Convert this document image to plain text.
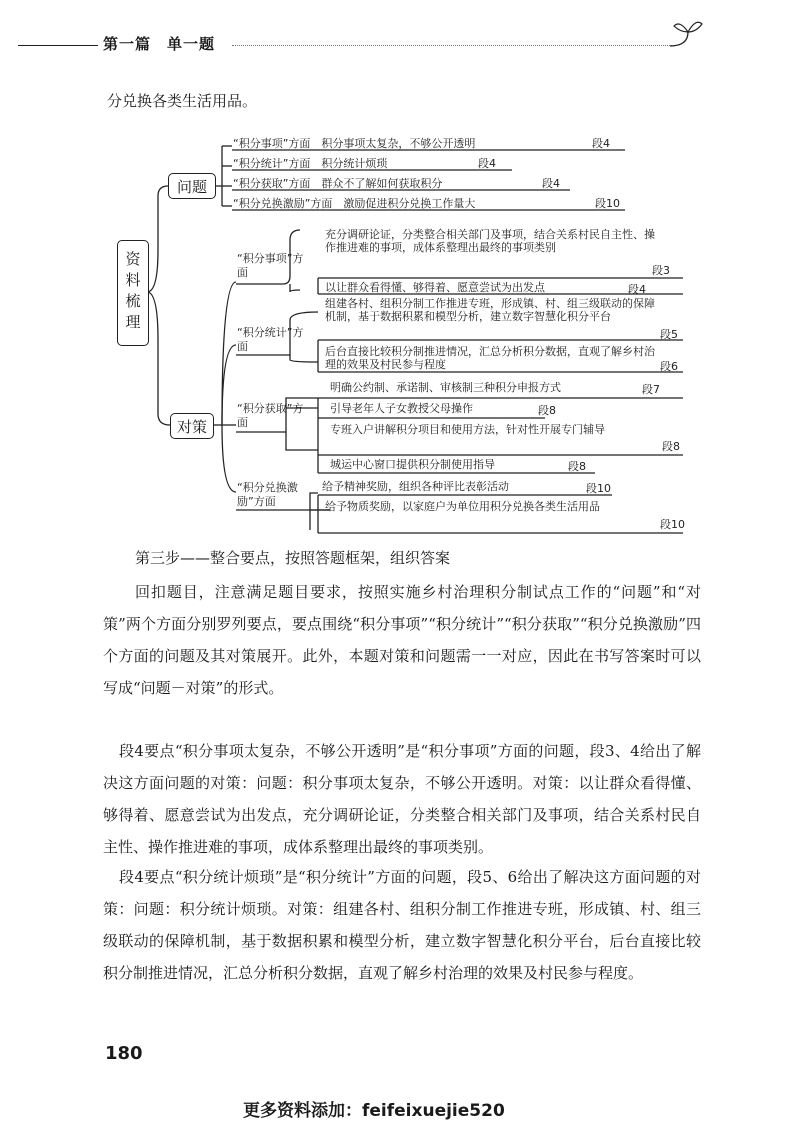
第一篇　单一题
分兑换各类生活用品。
资料梳理
问题
对策
“积分事项”方面　 积分事项太复杂，不够公开透明	段4
“积分统计”方面　 积分统计烦琐	段4
“积分获取”方面　 群众不了解如何获取积分	段4
“积分兑换激励”方面　 激励促进积分兑换工作量大	段10
“积分事项”方面
“积分统计”方面
“积分获取”方面
“积分兑换激励”方面
充分调研论证，分类整合相关部门及事项，结合关系村民自主性、操作推进难的事项，成体系整理出最终的事项类别
段3
以让群众看得懂、够得着、愿意尝试为出发点	段4
组建各村、组积分制工作推进专班，形成镇、村、组三级联动的保障机制，基于数据积累和模型分析，建立数字智慧化积分平台
段5
后台直接比较积分制推进情况，汇总分析积分数据，直观了解乡村治理的效果及村民参与程度	段6
明确公约制、承诺制、审核制三种积分申报方式	段7
引导老年人子女教授父母操作	段8
专班入户讲解积分项目和使用方法，针对性开展专门辅导
段8
城运中心窗口提供积分制使用指导	段8
给予精神奖励，组织各种评比表彰活动	段10
给予物质奖励，以家庭户为单位用积分兑换各类生活用品
段10
第三步——整合要点，按照答题框架，组织答案

回扣题目，注意满足题目要求，按照实施乡村治理积分制试点工作的“问题”和“对策”两个方面分别罗列要点，要点围绕“积分事项”“积分统计”“积分获取”“积分兑换激励”四个方面的问题及其对策展开。此外，本题对策和问题需一一对应，因此在书写答案时可以写成“问题－对策”的形式。

段4要点“积分事项太复杂，不够公开透明”是“积分事项”方面的问题，段3、4给出了解决这方面问题的对策：问题：积分事项太复杂，不够公开透明。对策：以让群众看得懂、够得着、愿意尝试为出发点，充分调研论证，分类整合相关部门及事项，结合关系村民自主性、操作推进难的事项，成体系整理出最终的事项类别。

段4要点“积分统计烦琐”是“积分统计”方面的问题，段5、6给出了解决这方面问题的对策：问题：积分统计烦琐。对策：组建各村、组积分制工作推进专班，形成镇、村、组三级联动的保障机制，基于数据积累和模型分析，建立数字智慧化积分平台，后台直接比较积分制推进情况，汇总分析积分数据，直观了解乡村治理的效果及村民参与程度。

180
更多资料添加：feifeixuejie520
